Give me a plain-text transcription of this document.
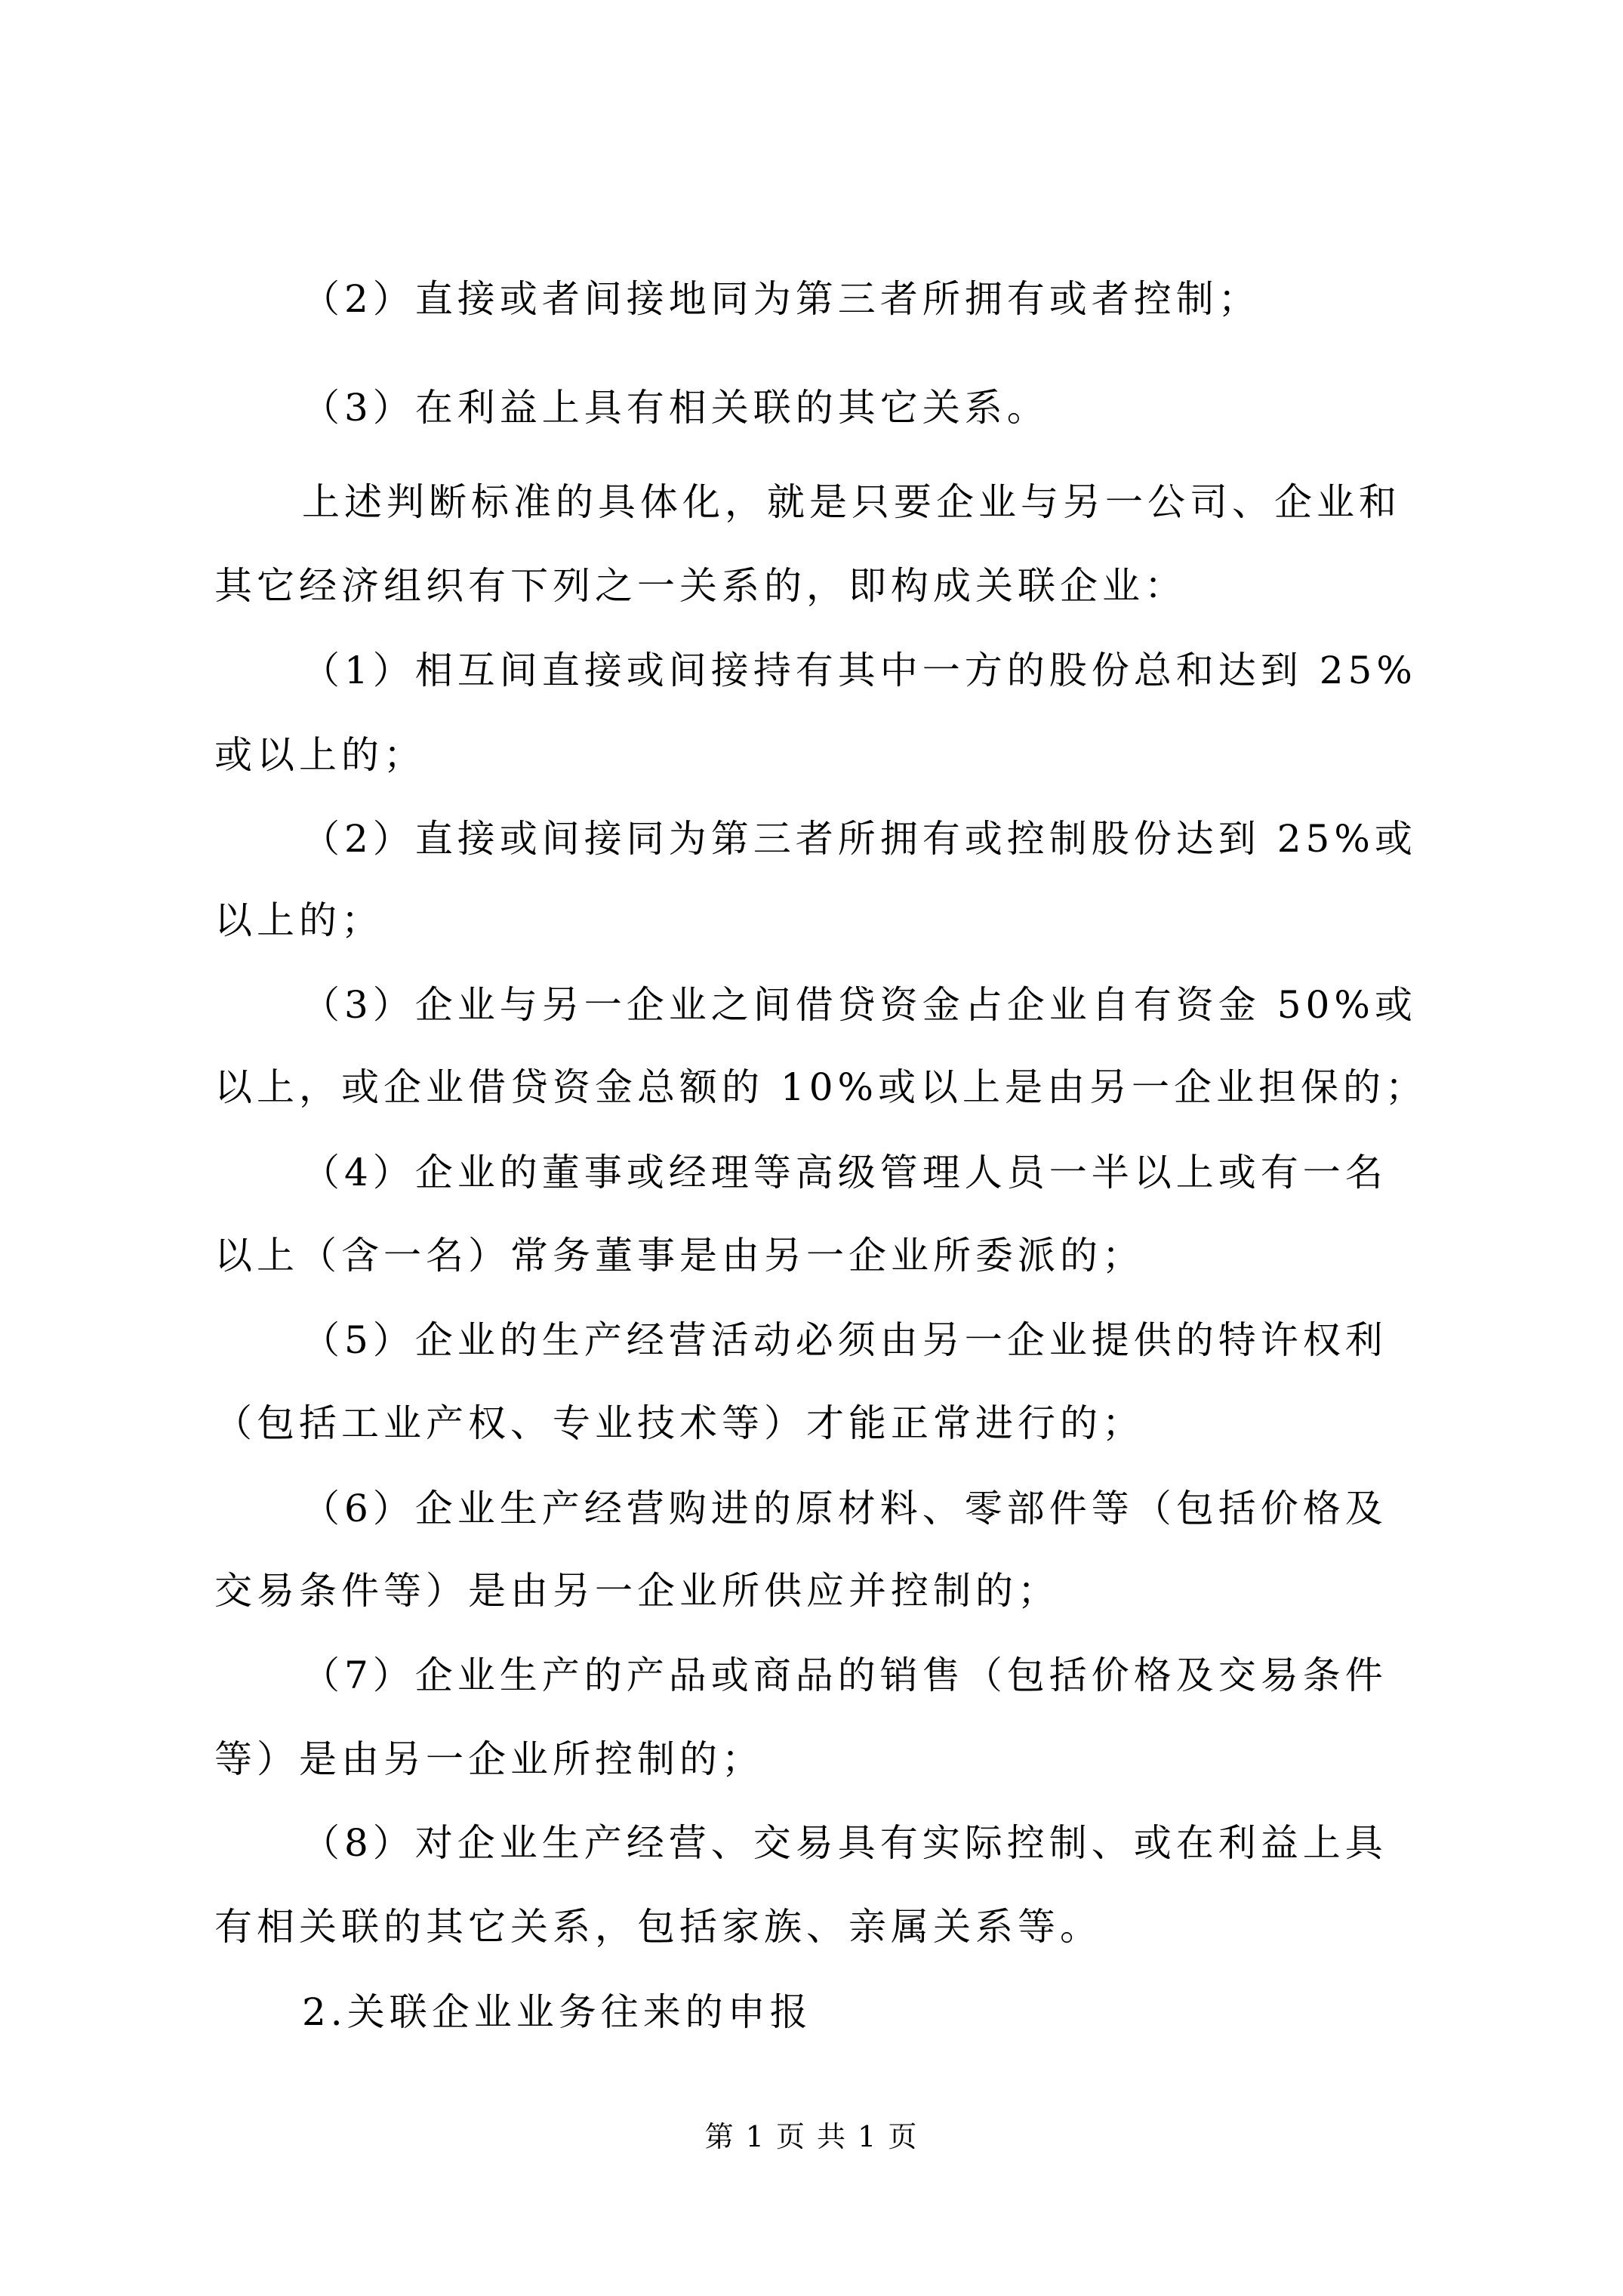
（2）直接或者间接地同为第三者所拥有或者控制；
（3）在利益上具有相关联的其它关系。
上述判断标准的具体化，就是只要企业与另一公司、企业和
其它经济组织有下列之一关系的，即构成关联企业：
（1）相互间直接或间接持有其中一方的股份总和达到 25%
或以上的；
（2）直接或间接同为第三者所拥有或控制股份达到 25%或
以上的；
（3）企业与另一企业之间借贷资金占企业自有资金 50%或
以上，或企业借贷资金总额的 10%或以上是由另一企业担保的；
（4）企业的董事或经理等高级管理人员一半以上或有一名
以上（含一名）常务董事是由另一企业所委派的；
（5）企业的生产经营活动必须由另一企业提供的特许权利
（包括工业产权、专业技术等）才能正常进行的；
（6）企业生产经营购进的原材料、零部件等（包括价格及
交易条件等）是由另一企业所供应并控制的；
（7）企业生产的产品或商品的销售（包括价格及交易条件
等）是由另一企业所控制的；
（8）对企业生产经营、交易具有实际控制、或在利益上具
有相关联的其它关系，包括家族、亲属关系等。
2.关联企业业务往来的申报
第 1 页 共 1 页
